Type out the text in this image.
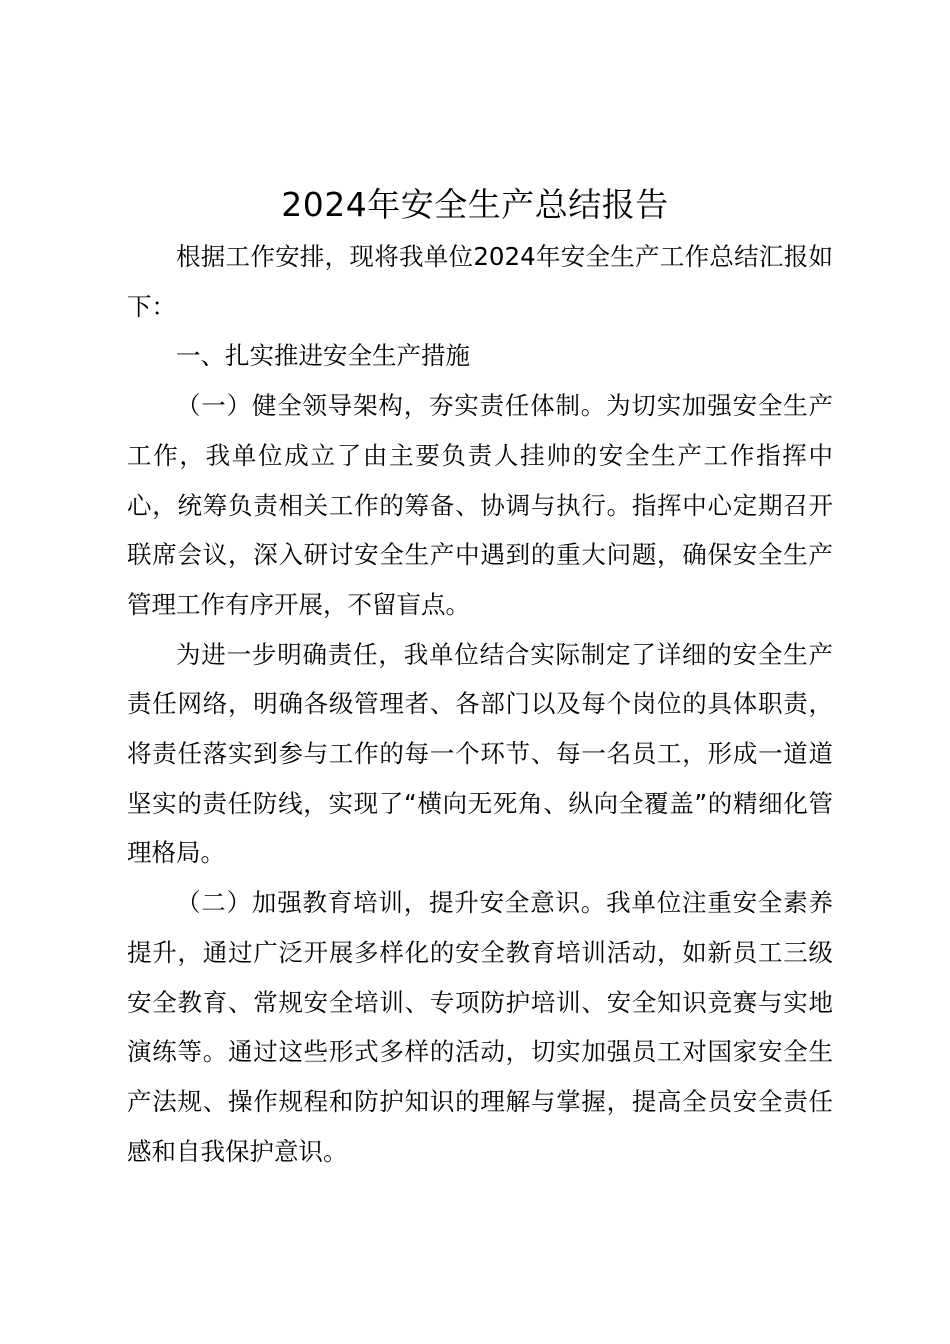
2024年安全生产总结报告

根据工作安排，现将我单位2024年安全生产工作总结汇报如下：

一、扎实推进安全生产措施

（一）健全领导架构，夯实责任体制。为切实加强安全生产工作，我单位成立了由主要负责人挂帅的安全生产工作指挥中心，统筹负责相关工作的筹备、协调与执行。指挥中心定期召开联席会议，深入研讨安全生产中遇到的重大问题，确保安全生产管理工作有序开展，不留盲点。

为进一步明确责任，我单位结合实际制定了详细的安全生产责任网络，明确各级管理者、各部门以及每个岗位的具体职责，将责任落实到参与工作的每一个环节、每一名员工，形成一道道坚实的责任防线，实现了“横向无死角、纵向全覆盖”的精细化管理格局。

（二）加强教育培训，提升安全意识。我单位注重安全素养提升，通过广泛开展多样化的安全教育培训活动，如新员工三级安全教育、常规安全培训、专项防护培训、安全知识竞赛与实地演练等。通过这些形式多样的活动，切实加强员工对国家安全生产法规、操作规程和防护知识的理解与掌握，提高全员安全责任感和自我保护意识。
